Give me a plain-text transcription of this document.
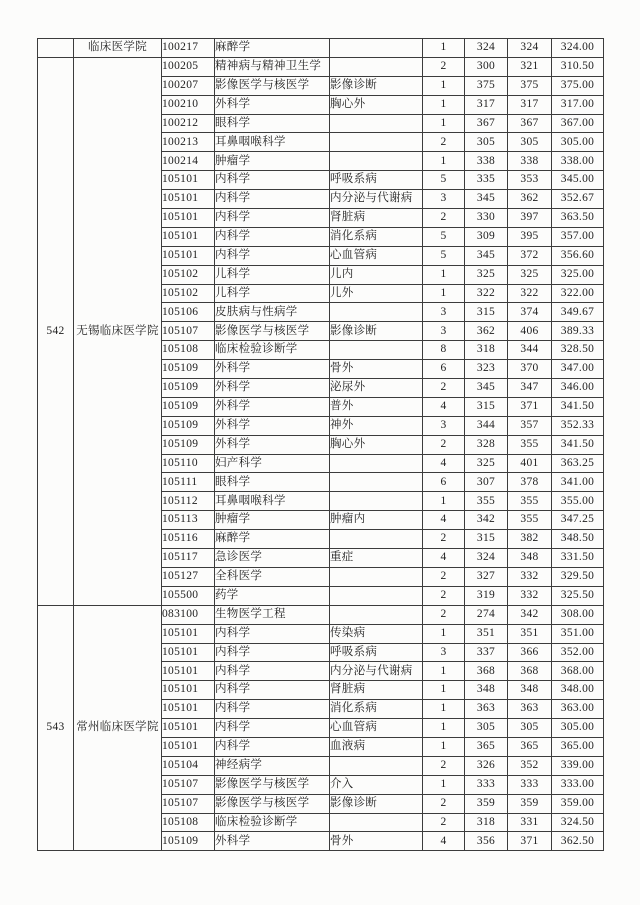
	临床医学院	100217	麻醉学		1	324	324	324.00
542	无锡临床医学院	100205	精神病与精神卫生学		2	300	321	310.50
		100207	影像医学与核医学	影像诊断	1	375	375	375.00
		100210	外科学	胸心外	1	317	317	317.00
		100212	眼科学		1	367	367	367.00
		100213	耳鼻咽喉科学		2	305	305	305.00
		100214	肿瘤学		1	338	338	338.00
		105101	内科学	呼吸系病	5	335	353	345.00
		105101	内科学	内分泌与代谢病	3	345	362	352.67
		105101	内科学	肾脏病	2	330	397	363.50
		105101	内科学	消化系病	5	309	395	357.00
		105101	内科学	心血管病	5	345	372	356.60
		105102	儿科学	儿内	1	325	325	325.00
		105102	儿科学	儿外	1	322	322	322.00
		105106	皮肤病与性病学		3	315	374	349.67
		105107	影像医学与核医学	影像诊断	3	362	406	389.33
		105108	临床检验诊断学		8	318	344	328.50
		105109	外科学	骨外	6	323	370	347.00
		105109	外科学	泌尿外	2	345	347	346.00
		105109	外科学	普外	4	315	371	341.50
		105109	外科学	神外	3	344	357	352.33
		105109	外科学	胸心外	2	328	355	341.50
		105110	妇产科学		4	325	401	363.25
		105111	眼科学		6	307	378	341.00
		105112	耳鼻咽喉科学		1	355	355	355.00
		105113	肿瘤学	肿瘤内	4	342	355	347.25
		105116	麻醉学		2	315	382	348.50
		105117	急诊医学	重症	4	324	348	331.50
		105127	全科医学		2	327	332	329.50
		105500	药学		2	319	332	325.50
543	常州临床医学院	083100	生物医学工程		2	274	342	308.00
		105101	内科学	传染病	1	351	351	351.00
		105101	内科学	呼吸系病	3	337	366	352.00
		105101	内科学	内分泌与代谢病	1	368	368	368.00
		105101	内科学	肾脏病	1	348	348	348.00
		105101	内科学	消化系病	1	363	363	363.00
		105101	内科学	心血管病	1	305	305	305.00
		105101	内科学	血液病	1	365	365	365.00
		105104	神经病学		2	326	352	339.00
		105107	影像医学与核医学	介入	1	333	333	333.00
		105107	影像医学与核医学	影像诊断	2	359	359	359.00
		105108	临床检验诊断学		2	318	331	324.50
		105109	外科学	骨外	4	356	371	362.50
